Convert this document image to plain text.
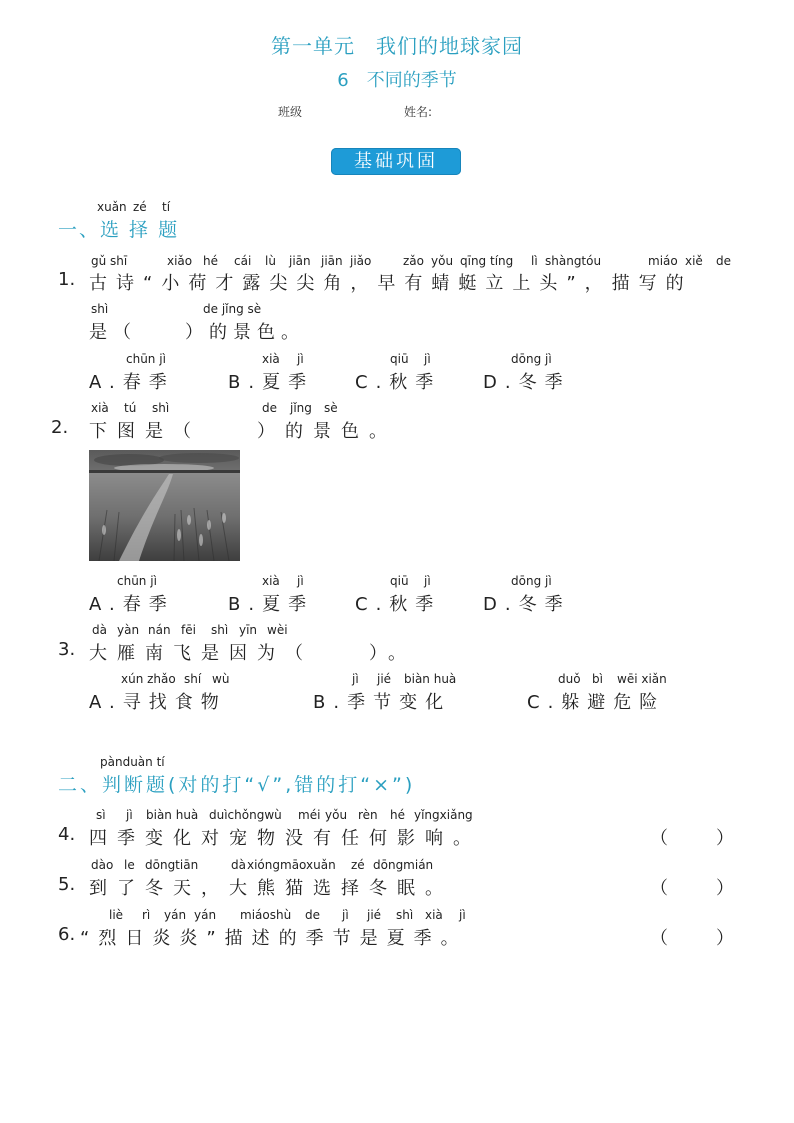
第一单元　我们的地球家园
6　不同的季节
班级	姓名:
基础巩固
xuǎn zé tí
一、选 择 题
gǔ shī	xiǎo hé cái lù jiān jiān jiǎo	zǎo yǒu qīng tíng lì shàngtóu	miáo xiě de
1. 古诗“小荷才露尖尖角，早有蜻蜓立上头”，描写的
shì	de jǐng sè
是（　　）的景色。
chūn jì	xià jì	qiū jì	dōng jì
A.春季	B.夏季 C.秋季 D.冬季
xià tú shì	de jǐng sè
2. 下图是（　　）的景色。
chūn jì	xià jì	qiū jì	dōng jì
A.春季	B.夏季 C.秋季 D.冬季
dà yàn nán fēi shì yīn wèi
3. 大雁南飞是因为（　　）。
xún zhǎo shí wù	jì jié biàn huà	duǒ bì wēi xiǎn
A.寻找食物	B.季节变化	C.躲避危险
pànduàn tí
二、判断题(对的打“√”,错的打“×”)
sì jì biàn huà duìchǒngwù méi yǒu rèn hé yǐngxiǎng
4. 四季变化对宠物没有任何影响。	（　　）
dào le dōngtiān	dà xióngmāoxuǎn zé dōngmián
5. 到了冬天，大熊猫选择冬眠。	（　　）
liè rì yán yán miáoshù de jì jié shì xià jì
6. “烈日炎炎”描述的季节是夏季。	（　　）
